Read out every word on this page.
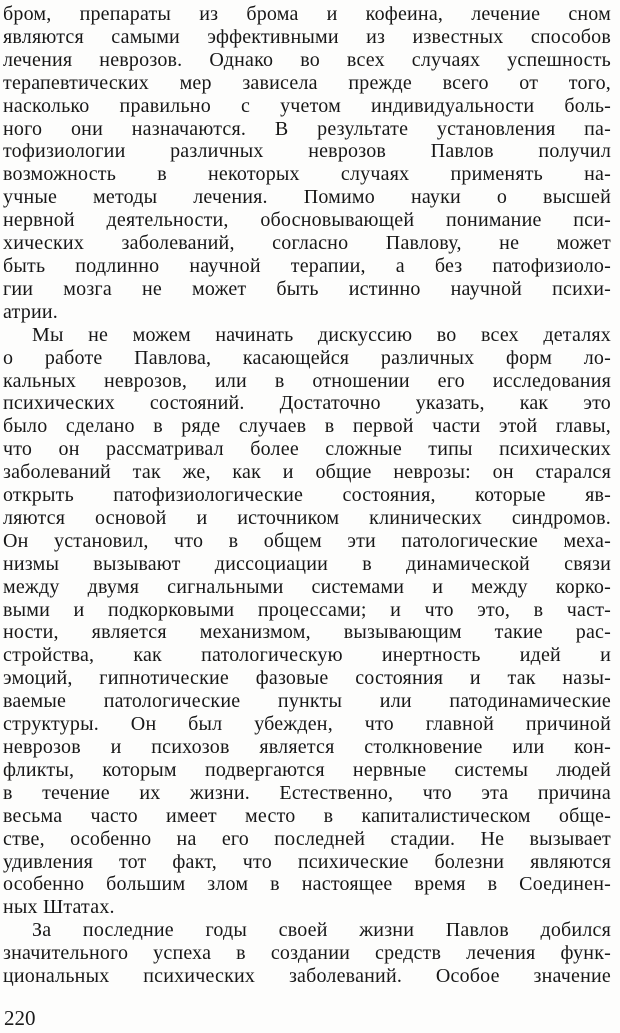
бром, препараты из брома и кофеина, лечение сном
являются самыми эффективными из известных способов
лечения неврозов. Однако во всех случаях успешность
терапевтических мер зависела прежде всего от того,
насколько правильно с учетом индивидуальности боль-
ного они назначаются. В результате установления па-
тофизиологии различных неврозов Павлов получил
возможность в некоторых случаях применять на-
учные методы лечения. Помимо науки о высшей
нервной деятельности, обосновывающей понимание пси-
хических заболеваний, согласно Павлову, не может
быть подлинно научной терапии, а без патофизиоло-
гии мозга не может быть истинно научной психи-
атрии.
Мы не можем начинать дискуссию во всех деталях
о работе Павлова, касающейся различных форм ло-
кальных неврозов, или в отношении его исследования
психических состояний. Достаточно указать, как это
было сделано в ряде случаев в первой части этой главы,
что он рассматривал более сложные типы психических
заболеваний так же, как и общие неврозы: он старался
открыть патофизиологические состояния, которые яв-
ляются основой и источником клинических синдромов.
Он установил, что в общем эти патологические меха-
низмы вызывают диссоциации в динамической связи
между двумя сигнальными системами и между корко-
выми и подкорковыми процессами; и что это, в част-
ности, является механизмом, вызывающим такие рас-
стройства, как патологическую инертность идей и
эмоций, гипнотические фазовые состояния и так назы-
ваемые патологические пункты или патодинамические
структуры. Он был убежден, что главной причиной
неврозов и психозов является столкновение или кон-
фликты, которым подвергаются нервные системы людей
в течение их жизни. Естественно, что эта причина
весьма часто имеет место в капиталистическом обще-
стве, особенно на его последней стадии. Не вызывает
удивления тот факт, что психические болезни являются
особенно большим злом в настоящее время в Соединен-
ных Штатах.
За последние годы своей жизни Павлов добился
значительного успеха в создании средств лечения функ-
циональных психических заболеваний. Особое значение
220
